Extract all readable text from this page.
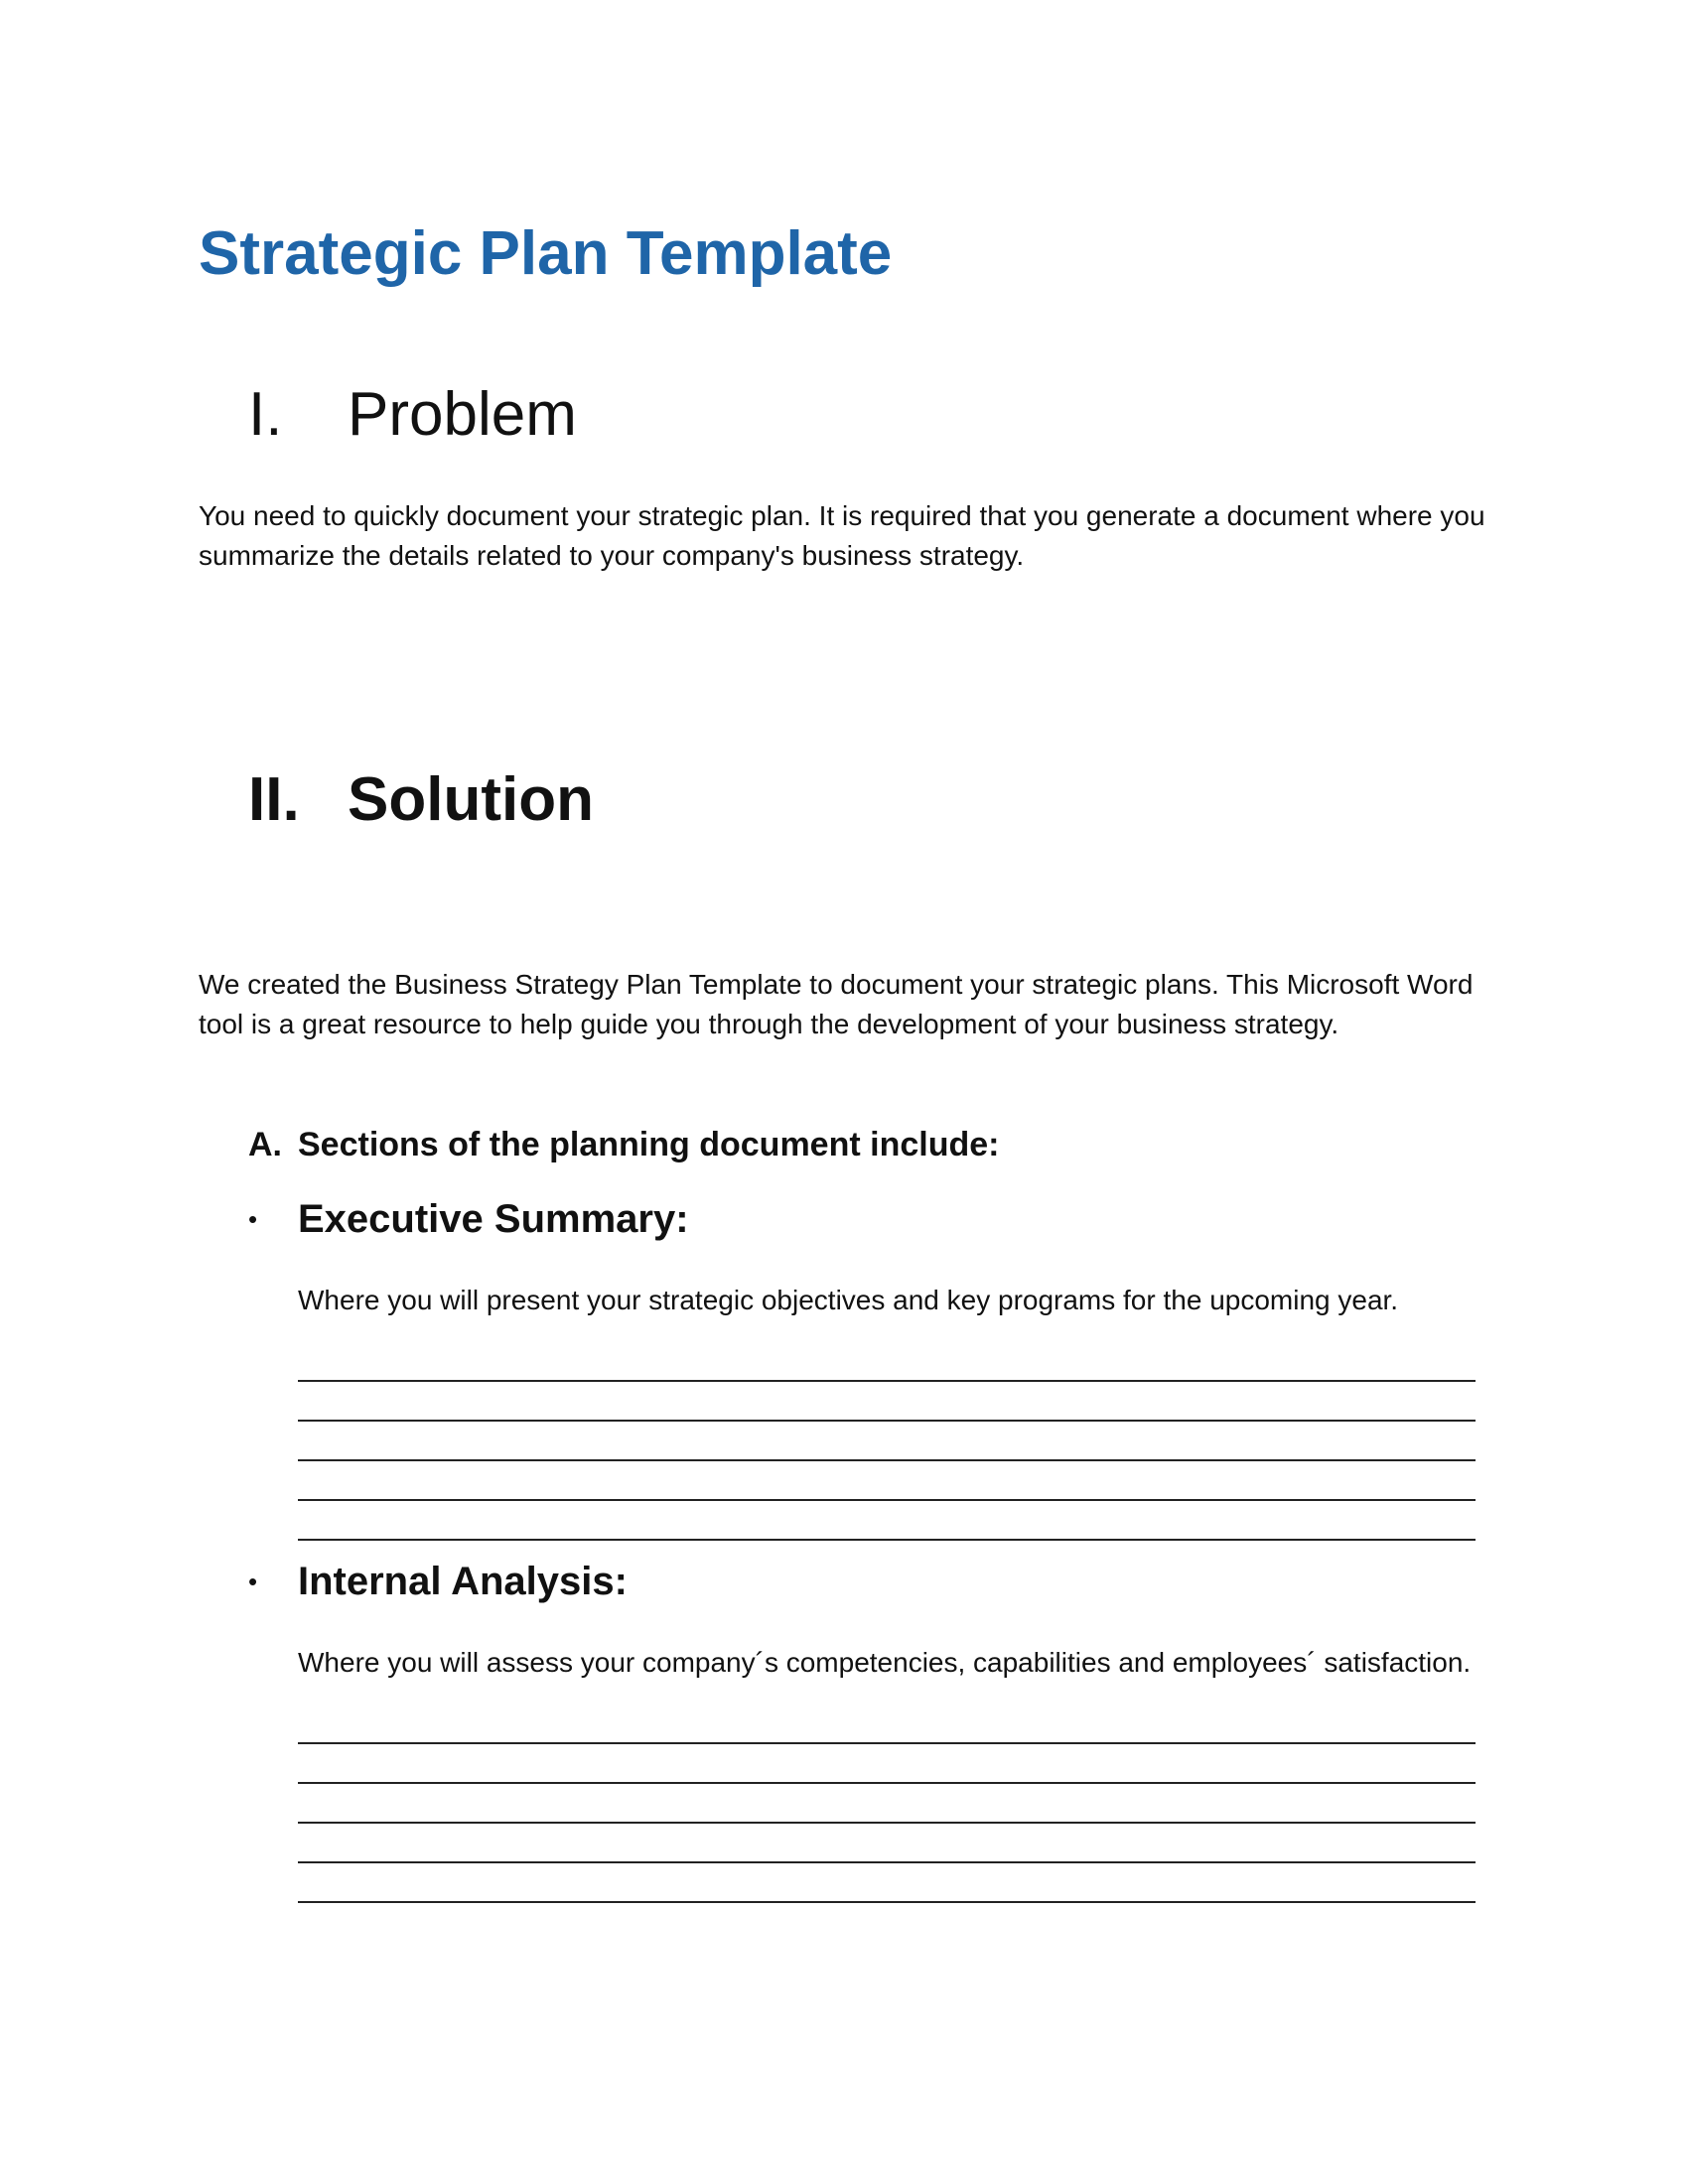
Strategic Plan Template
I.	Problem
You need to quickly document your strategic plan. It is required that you generate a document where you summarize the details related to your company's business strategy.
II. Solution
We created the Business Strategy Plan Template to document your strategic plans. This Microsoft Word tool is a great resource to help guide you through the development of your business strategy.
A. Sections of the planning document include:
•	Executive Summary:
Where you will present your strategic objectives and key programs for the upcoming year.
•	Internal Analysis:
Where you will assess your company´s competencies, capabilities and employees´ satisfaction.
